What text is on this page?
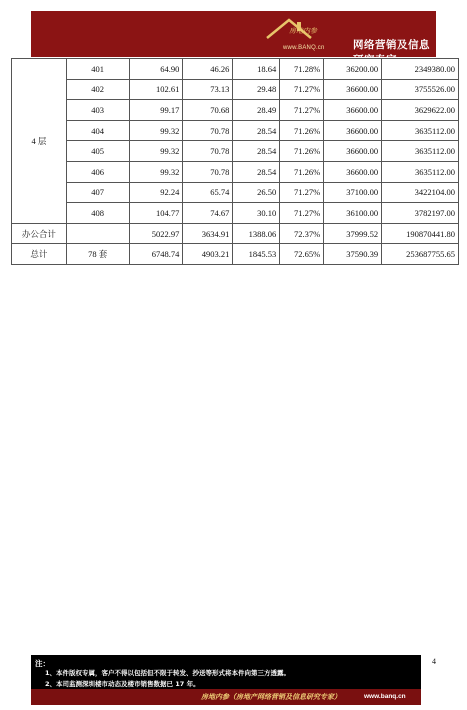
房地内参
www.BANQ.cn	网络营销及信息研究专家
4 层	401	64.90	46.26	18.64	71.28%	36200.00	2349380.00
	402	102.61	73.13	29.48	71.27%	36600.00	3755526.00
	403	99.17	70.68	28.49	71.27%	36600.00	3629622.00
	404	99.32	70.78	28.54	71.26%	36600.00	3635112.00
	405	99.32	70.78	28.54	71.26%	36600.00	3635112.00
	406	99.32	70.78	28.54	71.26%	36600.00	3635112.00
	407	92.24	65.74	26.50	71.27%	37100.00	3422104.00
	408	104.77	74.67	30.10	71.27%	36100.00	3782197.00
办公合计		5022.97	3634.91	1388.06	72.37%	37999.52	190870441.80
总计	78 套	6748.74	4903.21	1845.53	72.65%	37590.39	253687755.65
注：
1、本件版权专属，客户不得以包括但不限于转发、抄送等形式将本件向第三方透露。
2、本司监测深圳楼市动态及楼市销售数据已 17 年。
房地内参（房地产网络营销及信息研究专家）	www.banq.cn
4
